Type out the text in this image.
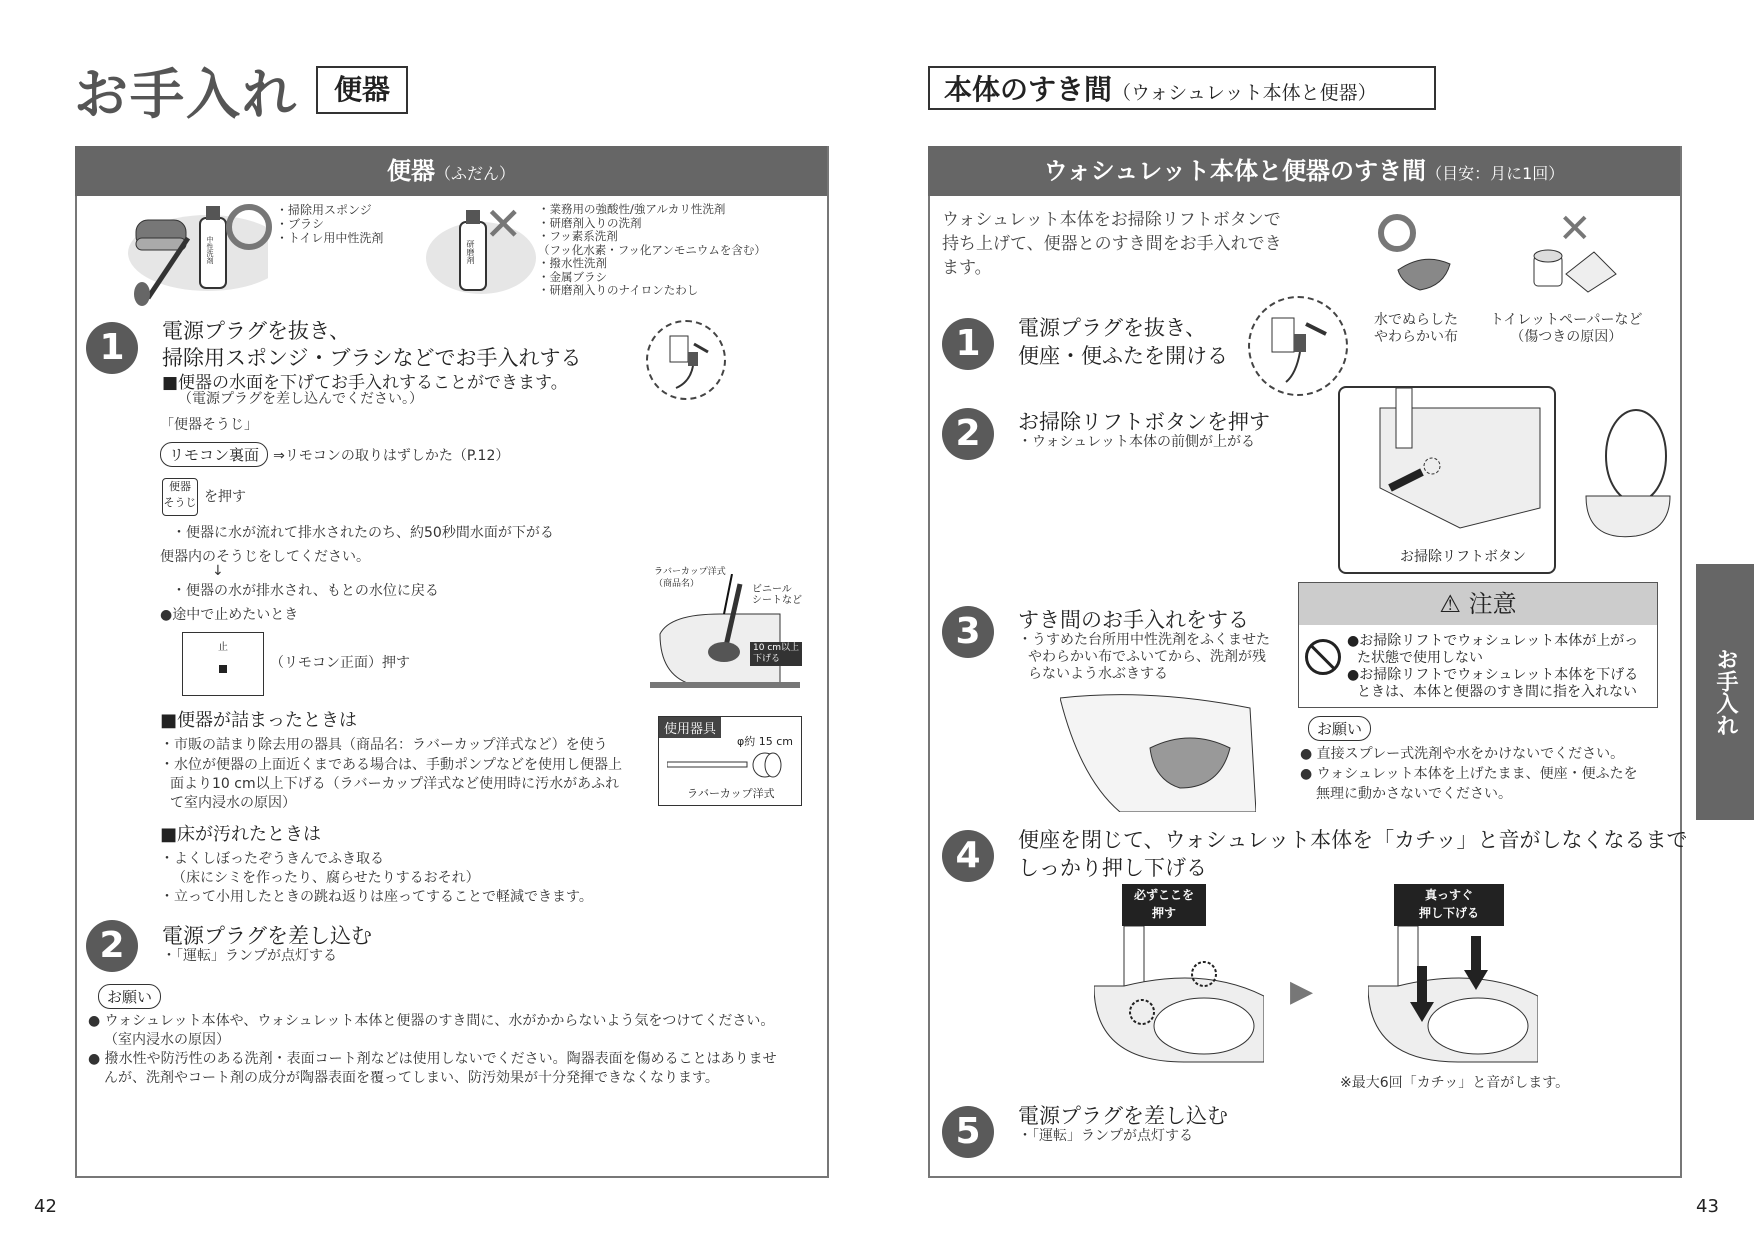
お手入れ	便器
便器（ふだん）
中性洗剤
・掃除用スポンジ
・ブラシ
・トイレ用中性洗剤
研磨剤
✕ ・業務用の強酸性/強アルカリ性洗剤
・研磨剤入りの洗剤
・フッ素系洗剤
（フッ化水素・フッ化アンモニウムを含む）
・撥水性洗剤
・金属ブラシ
・研磨剤入りのナイロンたわし
1	電源プラグを抜き、
掃除用スポンジ・ブラシなどでお手入れする
■便器の水面を下げてお手入れすることができます。
（電源プラグを差し込んでください。）
「便器そうじ」
リモコン裏面 ⇒リモコンの取りはずしかた（P.12）
便器
そうじ を押す
・便器に水が流れて排水されたのち、約50秒間水面が下がる
便器内のそうじをしてください。
↓
・便器の水が排水され、もとの水位に戻る
●途中で止めたいとき
止
（リモコン正面）押す
ラバーカップ洋式
（商品名）	ビニール
シートなど
10 cm以上
下げる
■便器が詰まったときは
・市販の詰まり除去用の器具（商品名：ラバーカップ洋式など）を使う
・水位が便器の上面近くまである場合は、手動ポンプなどを使用し便器上
面より10 cm以上下げる（ラバーカップ洋式など使用時に汚水があふれ
て室内浸水の原因）
使用器具
φ約 15 cm
ラバーカップ洋式
■床が汚れたときは
・よくしぼったぞうきんでふき取る
（床にシミを作ったり、腐らせたりするおそれ）
・立って小用したときの跳ね返りは座ってすることで軽減できます。
2	電源プラグを差し込む
・「運転」ランプが点灯する
お願い
● ウォシュレット本体や、ウォシュレット本体と便器のすき間に、水がかからないよう気をつけてください。
（室内浸水の原因）
● 撥水性や防汚性のある洗剤・表面コート剤などは使用しないでください。陶器表面を傷めることはありませ
んが、洗剤やコート剤の成分が陶器表面を覆ってしまい、防汚効果が十分発揮できなくなります。
42
本体のすき間（ウォシュレット本体と便器）
ウォシュレット本体と便器のすき間（目安：月に1回）
ウォシュレット本体をお掃除リフトボタンで
持ち上げて、便器とのすき間をお手入れでき
ます。
✕
水でぬらした
やわらかい布
トイレットペーパーなど
（傷つきの原因）
1	電源プラグを抜き、
便座・便ふたを開ける
2	お掃除リフトボタンを押す
・ウォシュレット本体の前側が上がる
お掃除リフトボタン
3	すき間のお手入れをする
・うすめた台所用中性洗剤をふくませた
やわらかい布でふいてから、洗剤が残
らないよう水ぶきする
⚠ 注意
●お掃除リフトでウォシュレット本体が上がっ
た状態で使用しない
●お掃除リフトでウォシュレット本体を下げる
ときは、本体と便器のすき間に指を入れない
お願い
● 直接スプレー式洗剤や水をかけないでください。
● ウォシュレット本体を上げたまま、便座・便ふたを
無理に動かさないでください。
4	便座を閉じて、ウォシュレット本体を「カチッ」と音がしなくなるまで
しっかり押し下げる
必ずここを
押す
▶
真っすぐ
押し下げる
※最大6回「カチッ」と音がします。
5	電源プラグを差し込む
・「運転」ランプが点灯する
お手入れ
43
